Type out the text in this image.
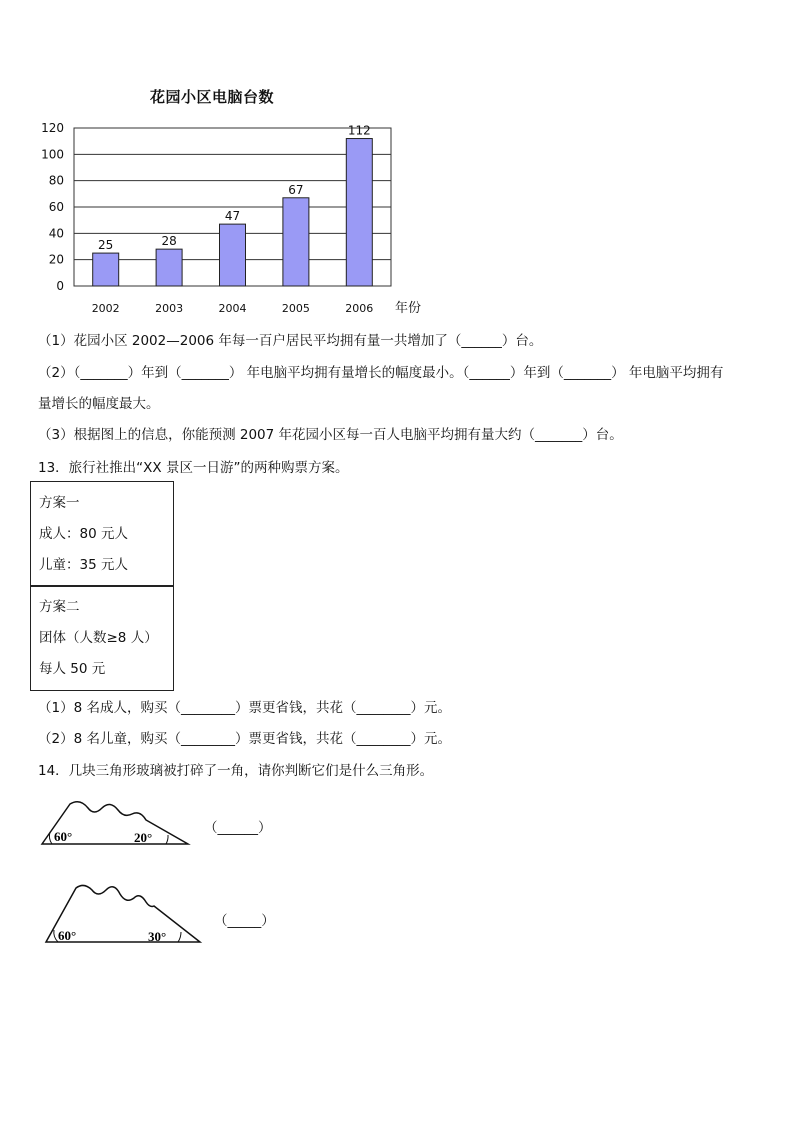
花园小区电脑台数
0
20
40
60
80
100
120
25
2002
28
2003
47
2004
67
2005
112
2006 年份
（1）花园小区 2002—2006 年每一百户居民平均拥有量一共增加了（______）台。
（2）（_______）年到（_______） 年电脑平均拥有量增长的幅度最小。（______）年到（_______） 年电脑平均拥有
量增长的幅度最大。
（3）根据图上的信息，你能预测 2007 年花园小区每一百人电脑平均拥有量大约（_______）台。
13．旅行社推出“XX 景区一日游”的两种购票方案。
方案一
成人：80 元人
儿童：35 元人
方案二
团体（人数≥8 人）
每人 50 元
（1）8 名成人，购买（________）票更省钱，共花（________）元。
（2）8 名儿童，购买（________）票更省钱，共花（________）元。
14．几块三角形玻璃被打碎了一角，请你判断它们是什么三角形。
60°	20°
（______）
60°	30°
（_____）
